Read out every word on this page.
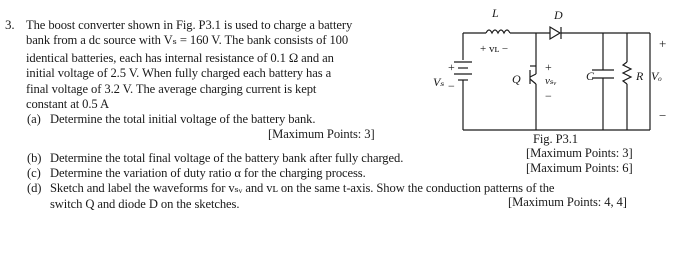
3. The boost converter shown in Fig. P3.1 is used to charge a battery
bank from a dc source with Vₛ = 160 V. The bank consists of 100
identical batteries, each has internal resistance of 0.1 Ω and an
initial voltage of 2.5 V. When fully charged each battery has a
final voltage of 3.2 V. The average charging current is kept
constant at 0.5 A
(a) Determine the total initial voltage of the battery bank.
[Maximum Points: 3]	Fig. P3.1
(b) Determine the total final voltage of the battery bank after fully charged.	[Maximum Points: 3]
(c) Determine the variation of duty ratio α for the charging process.	[Maximum Points: 6]
(d) Sketch and label the waveforms for vₛᵥ and vʟ on the same t-axis. Show the conduction patterns of the
switch Q and diode D on the sketches.	[Maximum Points: 4, 4]
L	D
+ vʟ −
Vₛ
+
−	Q
+
vₛᵥ
−
C	R Vₒ
+
−
